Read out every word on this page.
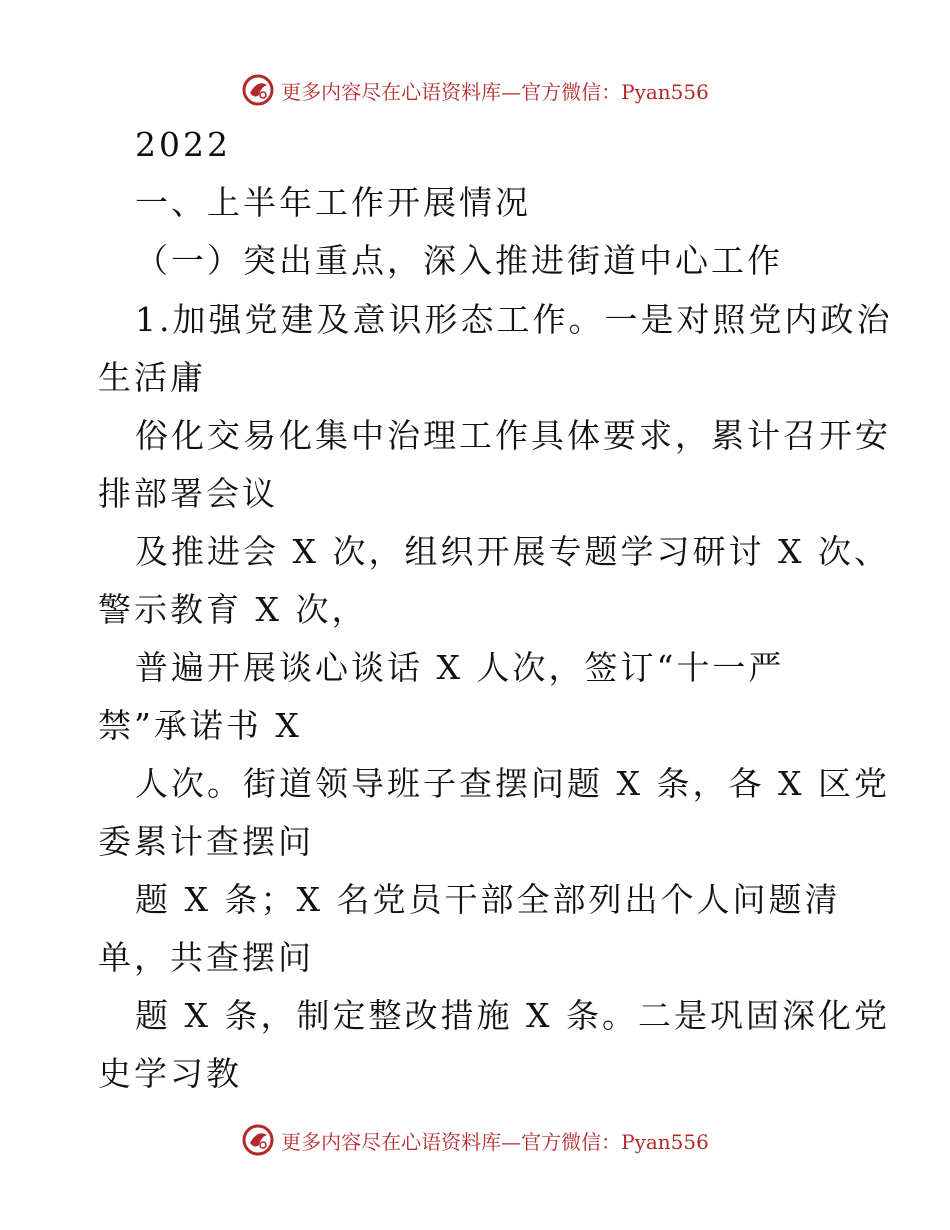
更多内容尽在心语资料库—官方微信：Pyan556
2022
一、上半年工作开展情况
（一）突出重点，深入推进街道中心工作
1.加强党建及意识形态工作。一是对照党内政治
生活庸
俗化交易化集中治理工作具体要求，累计召开安
排部署会议
及推进会 X 次，组织开展专题学习研讨 X 次、
警示教育 X 次，
普遍开展谈心谈话 X 人次，签订“十一严
禁”承诺书 X
人次。街道领导班子查摆问题 X 条，各 X 区党
委累计查摆问
题 X 条；X 名党员干部全部列出个人问题清
单，共查摆问
题 X 条，制定整改措施 X 条。二是巩固深化党
史学习教
更多内容尽在心语资料库—官方微信：Pyan556
